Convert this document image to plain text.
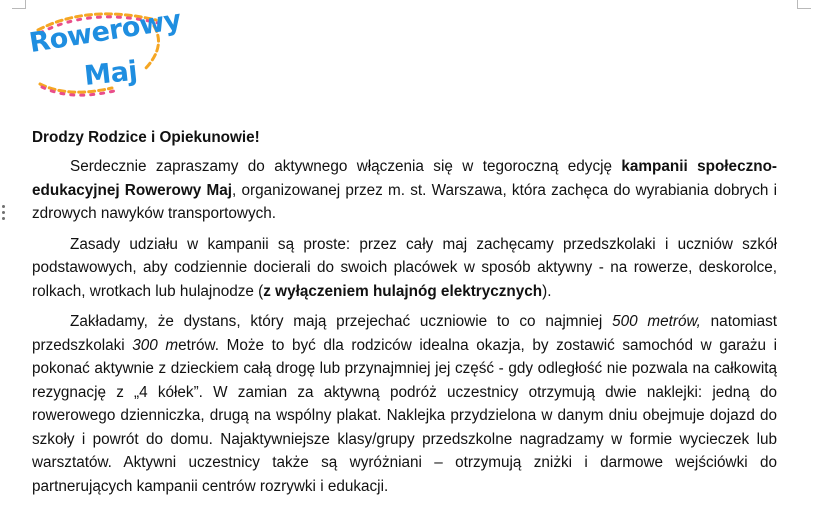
Rowerowy
Maj

Drodzy Rodzice i Opiekunowie!

Serdecznie zapraszamy do aktywnego włączenia się w tegoroczną edycję kampanii społeczno-edukacyjnej Rowerowy Maj, organizowanej przez m. st. Warszawa, która zachęca do wyrabiania dobrych i zdrowych nawyków transportowych.

Zasady udziału w kampanii są proste: przez cały maj zachęcamy przedszkolaki i uczniów szkół podstawowych, aby codziennie docierali do swoich placówek w sposób aktywny - na rowerze, deskorolce, rolkach, wrotkach lub hulajnodze (z wyłączeniem hulajnóg elektrycznych).

Zakładamy, że dystans, który mają przejechać uczniowie to co najmniej 500 metrów, natomiast przedszkolaki 300 metrów. Może to być dla rodziców idealna okazja, by zostawić samochód w garażu i pokonać aktywnie z dzieckiem całą drogę lub przynajmniej jej część - gdy odległość nie pozwala na całkowitą rezygnację z „4 kółek”. W zamian za aktywną podróż uczestnicy otrzymują dwie naklejki: jedną do rowerowego dzienniczka, drugą na wspólny plakat. Naklejka przydzielona w danym dniu obejmuje dojazd do szkoły i powrót do domu. Najaktywniejsze klasy/grupy przedszkolne nagradzamy w formie wycieczek lub warsztatów. Aktywni uczestnicy także są wyróżniani – otrzymują zniżki i darmowe wejściówki do partnerujących kampanii centrów rozrywki i edukacji.
